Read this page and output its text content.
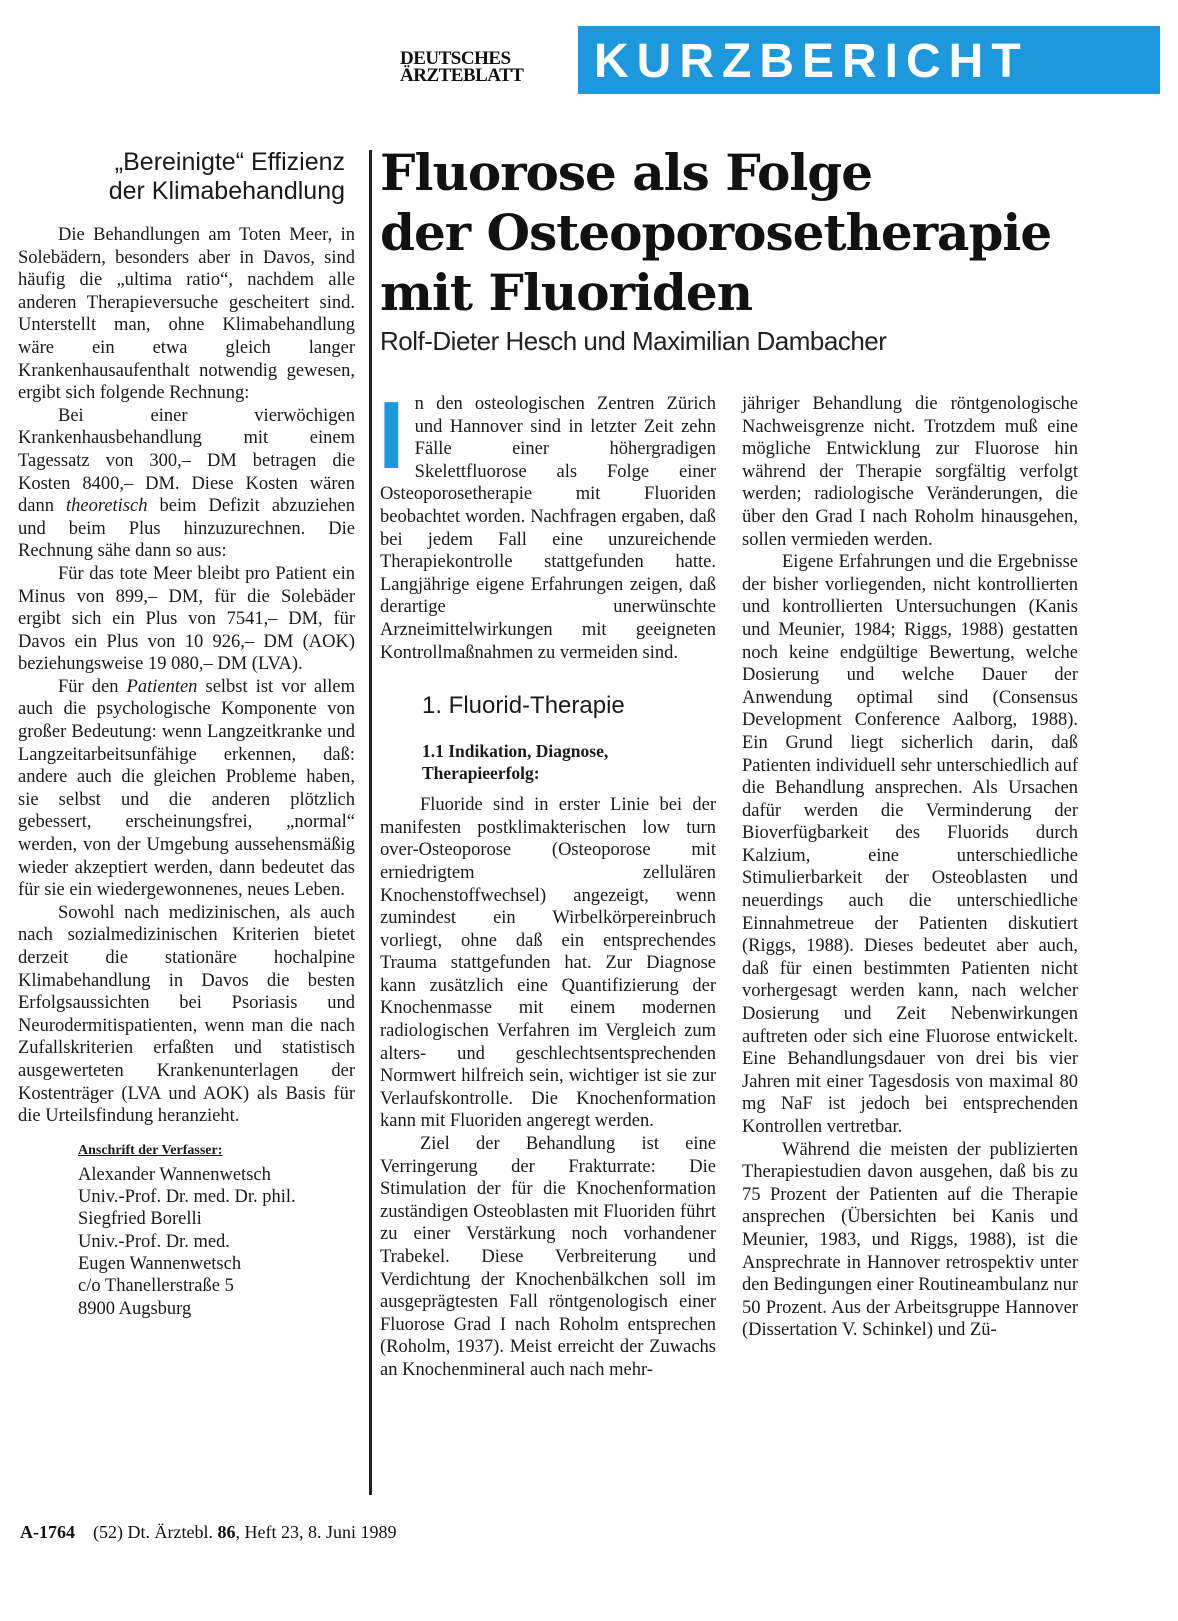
DEUTSCHES
ÄRZTEBLATT KURZBERICHT
„Bereinigte“ Effizienz
der Klimabehandlung

Die Behandlungen am Toten Meer, in Solebädern, besonders aber in Davos, sind häufig die „ultima ratio“, nachdem alle anderen Therapieversuche gescheitert sind. Unterstellt man, ohne Klimabehandlung wäre ein etwa gleich langer Krankenhausaufenthalt notwendig gewesen, ergibt sich folgende Rechnung:

Bei einer vierwöchigen Krankenhausbehandlung mit einem Tagessatz von 300,– DM betragen die Kosten 8400,– DM. Diese Kosten wären dann theoretisch beim Defizit abzuziehen und beim Plus hinzuzurechnen. Die Rechnung sähe dann so aus:

Für das tote Meer bleibt pro Patient ein Minus von 899,– DM, für die Solebäder ergibt sich ein Plus von 7541,– DM, für Davos ein Plus von 10 926,– DM (AOK) beziehungsweise 19 080,– DM (LVA).

Für den Patienten selbst ist vor allem auch die psychologische Komponente von großer Bedeutung: wenn Langzeitkranke und Langzeitarbeitsunfähige erkennen, daß: andere auch die gleichen Probleme haben, sie selbst und die anderen plötzlich gebessert, erscheinungsfrei, „normal“ werden, von der Umgebung aussehensmäßig wieder akzeptiert werden, dann bedeutet das für sie ein wiedergewonnenes, neues Leben.

Sowohl nach medizinischen, als auch nach sozialmedizinischen Kriterien bietet derzeit die stationäre hochalpine Klimabehandlung in Davos die besten Erfolgsaussichten bei Psoriasis und Neurodermitispatienten, wenn man die nach Zufallskriterien erfaßten und statistisch ausgewerteten Krankenunterlagen der Kostenträger (LVA und AOK) als Basis für die Urteilsfindung heranzieht.

Anschrift der Verfasser:
Alexander Wannenwetsch
Univ.-Prof. Dr. med. Dr. phil.
Siegfried Borelli
Univ.-Prof. Dr. med.
Eugen Wannenwetsch
c/o Thanellerstraße 5
8900 Augsburg
Fluorose als Folge
der Osteoporosetherapie
mit Fluoriden
Rolf-Dieter Hesch und Maximilian Dambacher

In den osteologischen Zentren Zürich und Hannover sind in letzter Zeit zehn Fälle einer höhergradigen Skelettfluorose als Folge einer Osteoporosetherapie mit Fluoriden beobachtet worden. Nachfragen ergaben, daß bei jedem Fall eine unzureichende Therapiekontrolle stattgefunden hatte. Langjährige eigene Erfahrungen zeigen, daß derartige unerwünschte Arzneimittelwirkungen mit geeigneten Kontrollmaßnahmen zu vermeiden sind.

1. Fluorid-Therapie
1.1 Indikation, Diagnose,
Therapieerfolg:

Fluoride sind in erster Linie bei der manifesten postklimakterischen low turn over-Osteoporose (Osteoporose mit erniedrigtem zellulären Knochenstoffwechsel) angezeigt, wenn zumindest ein Wirbelkörpereinbruch vorliegt, ohne daß ein entsprechendes Trauma stattgefunden hat. Zur Diagnose kann zusätzlich eine Quantifizierung der Knochenmasse mit einem modernen radiologischen Verfahren im Vergleich zum alters- und geschlechtsentsprechenden Normwert hilfreich sein, wichtiger ist sie zur Verlaufskontrolle. Die Knochenformation kann mit Fluoriden angeregt werden.

Ziel der Behandlung ist eine Verringerung der Frakturrate: Die Stimulation der für die Knochenformation zuständigen Osteoblasten mit Fluoriden führt zu einer Verstärkung noch vorhandener Trabekel. Diese Verbreiterung und Verdichtung der Knochenbälkchen soll im ausgeprägtesten Fall röntgenologisch einer Fluorose Grad I nach Roholm entsprechen (Roholm, 1937). Meist erreicht der Zuwachs an Knochenmineral auch nach mehr-

jähriger Behandlung die röntgenologische Nachweisgrenze nicht. Trotzdem muß eine mögliche Entwicklung zur Fluorose hin während der Therapie sorgfältig verfolgt werden; radiologische Veränderungen, die über den Grad I nach Roholm hinausgehen, sollen vermieden werden.

Eigene Erfahrungen und die Ergebnisse der bisher vorliegenden, nicht kontrollierten und kontrollierten Untersuchungen (Kanis und Meunier, 1984; Riggs, 1988) gestatten noch keine endgültige Bewertung, welche Dosierung und welche Dauer der Anwendung optimal sind (Consensus Development Conference Aalborg, 1988). Ein Grund liegt sicherlich darin, daß Patienten individuell sehr unterschiedlich auf die Behandlung ansprechen. Als Ursachen dafür werden die Verminderung der Bioverfügbarkeit des Fluorids durch Kalzium, eine unterschiedliche Stimulierbarkeit der Osteoblasten und neuerdings auch die unterschiedliche Einnahmetreue der Patienten diskutiert (Riggs, 1988). Dieses bedeutet aber auch, daß für einen bestimmten Patienten nicht vorhergesagt werden kann, nach welcher Dosierung und Zeit Nebenwirkungen auftreten oder sich eine Fluorose entwickelt. Eine Behandlungsdauer von drei bis vier Jahren mit einer Tagesdosis von maximal 80 mg NaF ist jedoch bei entsprechenden Kontrollen vertretbar.

Während die meisten der publizierten Therapiestudien davon ausgehen, daß bis zu 75 Prozent der Patienten auf die Therapie ansprechen (Übersichten bei Kanis und Meunier, 1983, und Riggs, 1988), ist die Ansprechrate in Hannover retrospektiv unter den Bedingungen einer Routineambulanz nur 50 Prozent. Aus der Arbeitsgruppe Hannover (Dissertation V. Schinkel) und Zü-

A-1764 (52) Dt. Ärztebl. 86, Heft 23, 8. Juni 1989
